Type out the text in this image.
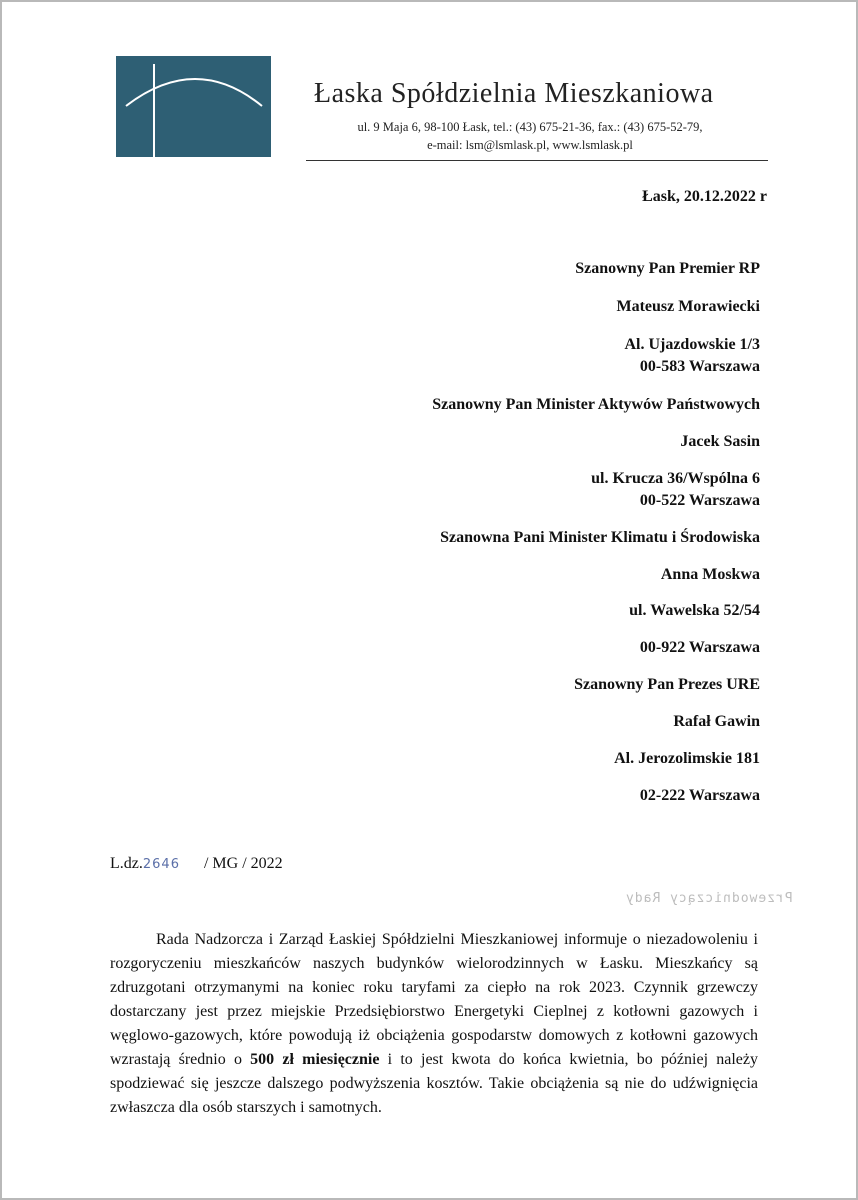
SM
Łaska Spółdzielnia Mieszkaniowa
ul. 9 Maja 6, 98-100 Łask, tel.: (43) 675-21-36, fax.: (43) 675-52-79,
e-mail: lsm@lsmlask.pl, www.lsmlask.pl
Łask, 20.12.2022 r
Szanowny Pan Premier RP
Mateusz Morawiecki
Al. Ujazdowskie 1/3
00-583 Warszawa
Szanowny Pan Minister Aktywów Państwowych
Jacek Sasin
ul. Krucza 36/Wspólna 6
00-522 Warszawa
Szanowna Pani Minister Klimatu i Środowiska
Anna Moskwa
ul. Wawelska 52/54
00-922 Warszawa
Szanowny Pan Prezes URE
Rafał Gawin
Al. Jerozolimskie 181
02-222 Warszawa
L.dz.2646 / MG / 2022
Przewodniczący Rady

Rada Nadzorcza i Zarząd Łaskiej Spółdzielni Mieszkaniowej informuje o niezadowoleniu i rozgoryczeniu mieszkańców naszych budynków wielorodzinnych w Łasku. Mieszkańcy są zdruzgotani otrzymanymi na koniec roku taryfami za ciepło na rok 2023. Czynnik grzewczy dostarczany jest przez miejskie Przedsiębiorstwo Energetyki Cieplnej z kotłowni gazowych i węglowo-gazowych, które powodują iż obciążenia gospodarstw domowych z kotłowni gazowych wzrastają średnio o 500 zł miesięcznie i to jest kwota do końca kwietnia, bo później należy spodziewać się jeszcze dalszego podwyższenia kosztów. Takie obciążenia są nie do udźwignięcia zwłaszcza dla osób starszych i samotnych.
